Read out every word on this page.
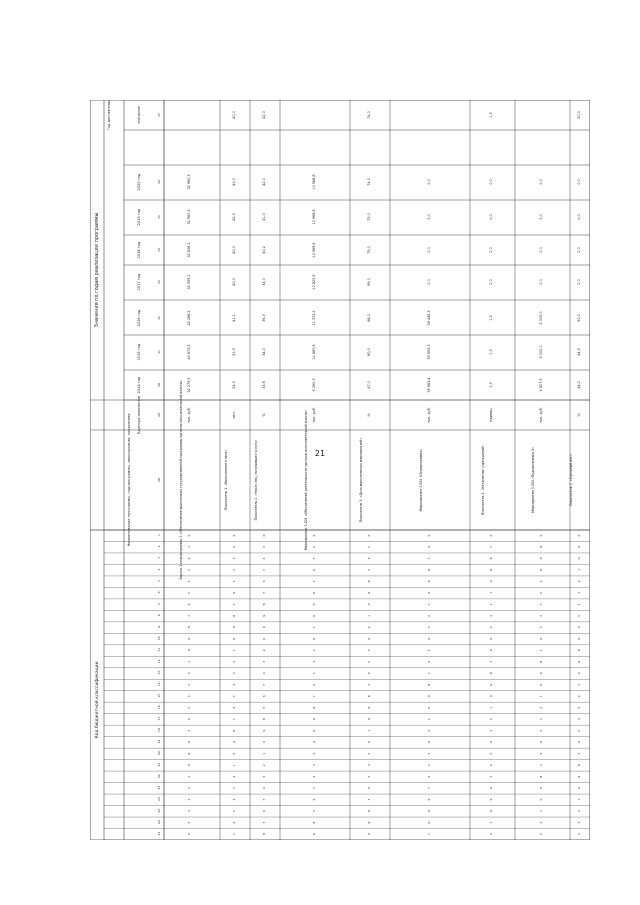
21
Значения по годам реализации программы
Год достижения
Код бюджетной классификации
Наименование программы, подпрограммы, мероприятия, показателя Единица измерения
2014 год
2015 год
2016 год
2017 год
2018 год
2019 год
2020 год
значение
1
2
3
4
5
6
7
8
9
10
11
12
13
14
15
16
17
18
19
20
21
22
23
24
25
26
27
28
29
30
31
32
33
34
35
36
37
0
1
2
3
4
5
6
7
8
0
0
1
2
3
4
5
6
7
0
9
0
1
2
3
4
5
6
0
2
3
4
5
6
7
8
9
0
1
2
3
4
5
6
7
8
0
0
1
2
3
4
5
6
7
0
3
4
5
6
7
8
9
0
0
2
3
4
5
6
7
8
9
0
1
2
3
4
5
6
7
8
0
4
5
6
7
8
9
0
1
0
3
4
5
6
7
8
9
0
0
2
3
4
5
6
7
8
9
0
5
6
7
8
9
0
1
2
0
4
5
6
7
8
9
0
1
0
3
4
5
6
7
8
9
0
0
6
7
8
9
0
1
2
3
0
5
6
7
8
9
0
1
2
0
4
5
6
7
8
9
0
1
0
7
8
9
0
1
2
3
4
0
6
7
8
9
0
1
2
3
0
5
6
7
8
9
0
1
2
0
8
9
0
1
2
3
4
5
0
7
8
9
0
1
2
3
4
0
6
7
8
9
0
1
2
3
0
9
0
1
2
3
4
5
6
0
8
9
0
1
2
3
4
5
0
7
8
9
0
1
2
3
4
Задача 1 подпрограммы 3 «Обеспечение выполнения государственной программы органом исполнительной власти» тыс. руб.
62 279,5
43 873,5
42 268,5
32 599,2
32 806,2
32 980,3
32 980,3
Показатель 1. «Выполнение плана»
чел.
54,0
51,9
41,1
40,0
40,0
42,0
40,0
40,0
Показатель 2. «Число лиц, получивших услугу»
%
33,6
34,0
36,3
34,0
40,2
41,0
42,0
42,0
Мероприятие 3.001 «Обеспечение деятельности органов исполнительной власти» тыс. руб.
9 280,3
11 667,6
11 373,2
10 820,5
10 969,8
10 968,8
10 968,8
Показатель 3. «Доля выполненных мероприятий»
%
47,0
80,0
68,0
69,0
75,0
75,0
74,0
74,0
Мероприятие 3.002 «Подпрограмма»
тыс. руб.
95 663,4
33 993,3
28 449,3
0,0
0,0
0,0
0,0
Показатель 4. «Количество учреждений»
единиц
1,3
1,3
1,3
0,0
0,0
0,0
0,0
1,3
Мероприятие 3.003 «Подпрограмма 3»
тыс. руб.
5 627,5
9 000,0
5 005,0
0,0
0,0
0,0
0,0
Показатель 5. «Удельный вес»
%
44,2
44,5
50,0
0,0
0,0
0,0
0,0
50,0
